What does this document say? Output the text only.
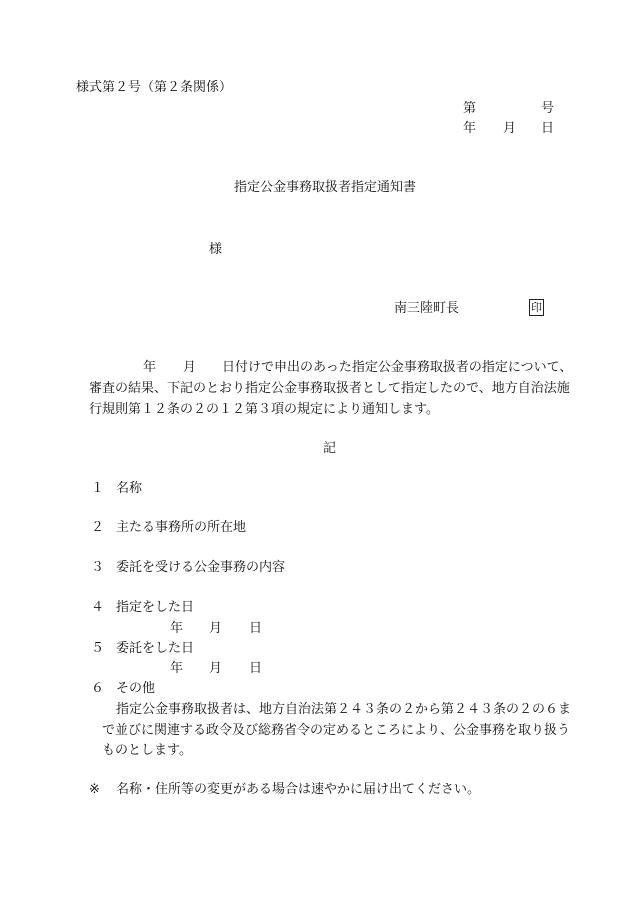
様式第２号（第２条関係）
第	号
年 月 日
指定公金事務取扱者指定通知書
様
南三陸町長	印
年 月 日付けで申出のあった指定公金事務取扱者の指定について、
審査の結果、下記のとおり指定公金事務取扱者として指定したので、地方自治法施
行規則第１２条の２の１２第３項の規定により通知します。
記
１ 名称
２ 主たる事務所の所在地
３ 委託を受ける公金事務の内容
４ 指定をした日
年 月 日
５ 委託をした日
年 月 日
６ その他
指定公金事務取扱者は、地方自治法第２４３条の２から第２４３条の２の６ま
で並びに関連する政令及び総務省令の定めるところにより、公金事務を取り扱う
ものとします。
※ 名称・住所等の変更がある場合は速やかに届け出てください。
